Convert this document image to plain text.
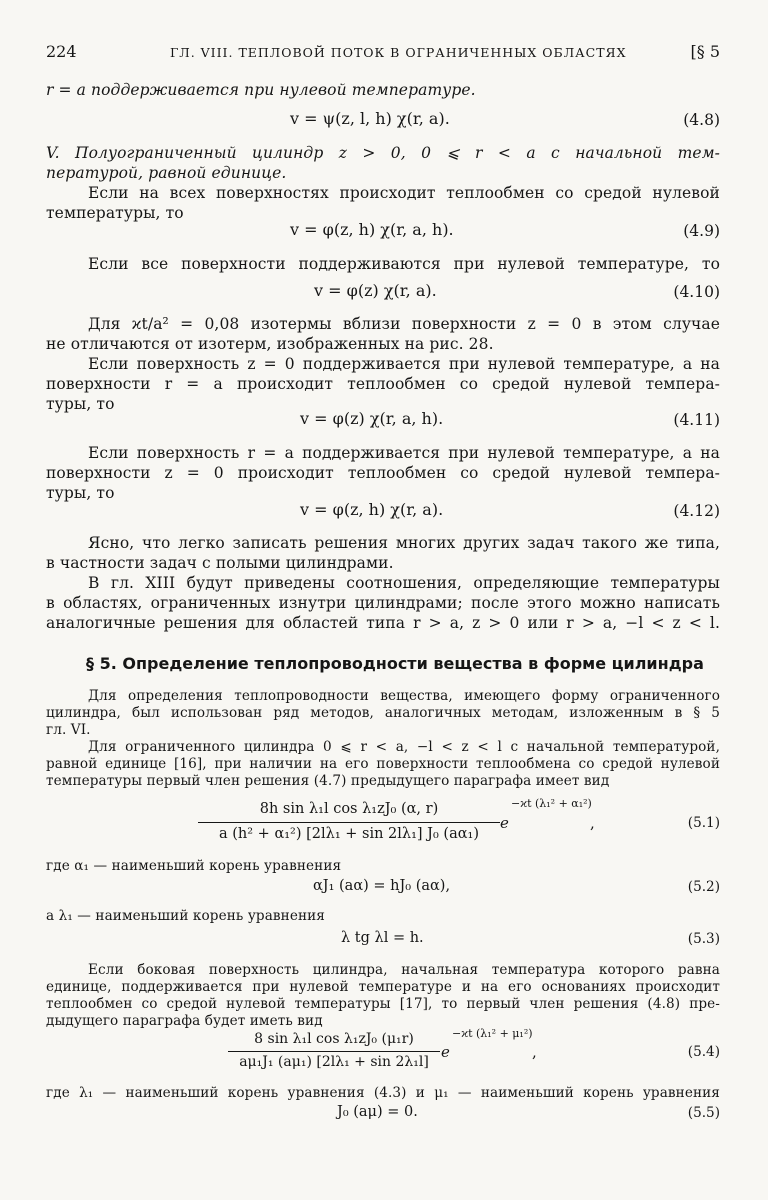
224	ГЛ. VIII. ТЕПЛОВОЙ ПОТОК В ОГРАНИЧЕННЫХ ОБЛАСТЯХ	[§ 5
r = a поддерживается при нулевой температуре.
v = ψ(z, l, h) χ(r, a).	(4.8)
V. Полуограниченный цилиндр z > 0, 0 ⩽ r < a с начальной тем-
пературой, равной единице.
Если на всех поверхностях происходит теплообмен со средой нулевой
температуры, то
v = φ(z, h) χ(r, a, h).	(4.9)
Если все поверхности поддерживаются при нулевой температуре, то
v = φ(z) χ(r, a).	(4.10)
Для ϰt/a² = 0,08 изотермы вблизи поверхности z = 0 в этом случае
не отличаются от изотерм, изображенных на рис. 28.
Если поверхность z = 0 поддерживается при нулевой температуре, а на
поверхности r = a происходит теплообмен со средой нулевой темпера-
туры, то
v = φ(z) χ(r, a, h).	(4.11)
Если поверхность r = a поддерживается при нулевой температуре, а на
поверхности z = 0 происходит теплообмен со средой нулевой темпера-
туры, то
v = φ(z, h) χ(r, a).	(4.12)
Ясно, что легко записать решения многих других задач такого же типа,
в частности задач с полыми цилиндрами.
В гл. XIII будут приведены соотношения, определяющие температуры
в областях, ограниченных изнутри цилиндрами; после этого можно написать
аналогичные решения для областей типа r > a, z > 0 или r > a, −l < z < l.
§ 5. Определение теплопроводности вещества в форме цилиндра
Для определения теплопроводности вещества, имеющего форму ограниченного
цилиндра, был использован ряд методов, аналогичных методам, изложенным в § 5
гл. VI.
Для ограниченного цилиндра 0 ⩽ r < a, −l < z < l с начальной температурой,
равной единице [16], при наличии на его поверхности теплообмена со средой нулевой
температуры первый член решения (4.7) предыдущего параграфа имеет вид
8h sin λ₁l cos λ₁zJ₀ (α, r)
a (h² + α₁²) [2lλ₁ + sin 2lλ₁] J₀ (aα₁)
e
−ϰt (λ₁² + α₁²)
,	(5.1)
где α₁ — наименьший корень уравнения
αJ₁ (aα) = hJ₀ (aα),	(5.2)
а λ₁ — наименьший корень уравнения
λ tg λl = h.	(5.3)
Если боковая поверхность цилиндра, начальная температура которого равна
единице, поддерживается при нулевой температуре и на его основаниях происходит
теплообмен со средой нулевой температуры [17], то первый член решения (4.8) пре-
дыдущего параграфа будет иметь вид
8 sin λ₁l cos λ₁zJ₀ (μ₁r)
aμ₁J₁ (aμ₁) [2lλ₁ + sin 2λ₁l]
e
−ϰt (λ₁² + μ₁²)
,	(5.4)
где λ₁ — наименьший корень уравнения (4.3) и μ₁ — наименьший корень уравнения
J₀ (aμ) = 0.	(5.5)
